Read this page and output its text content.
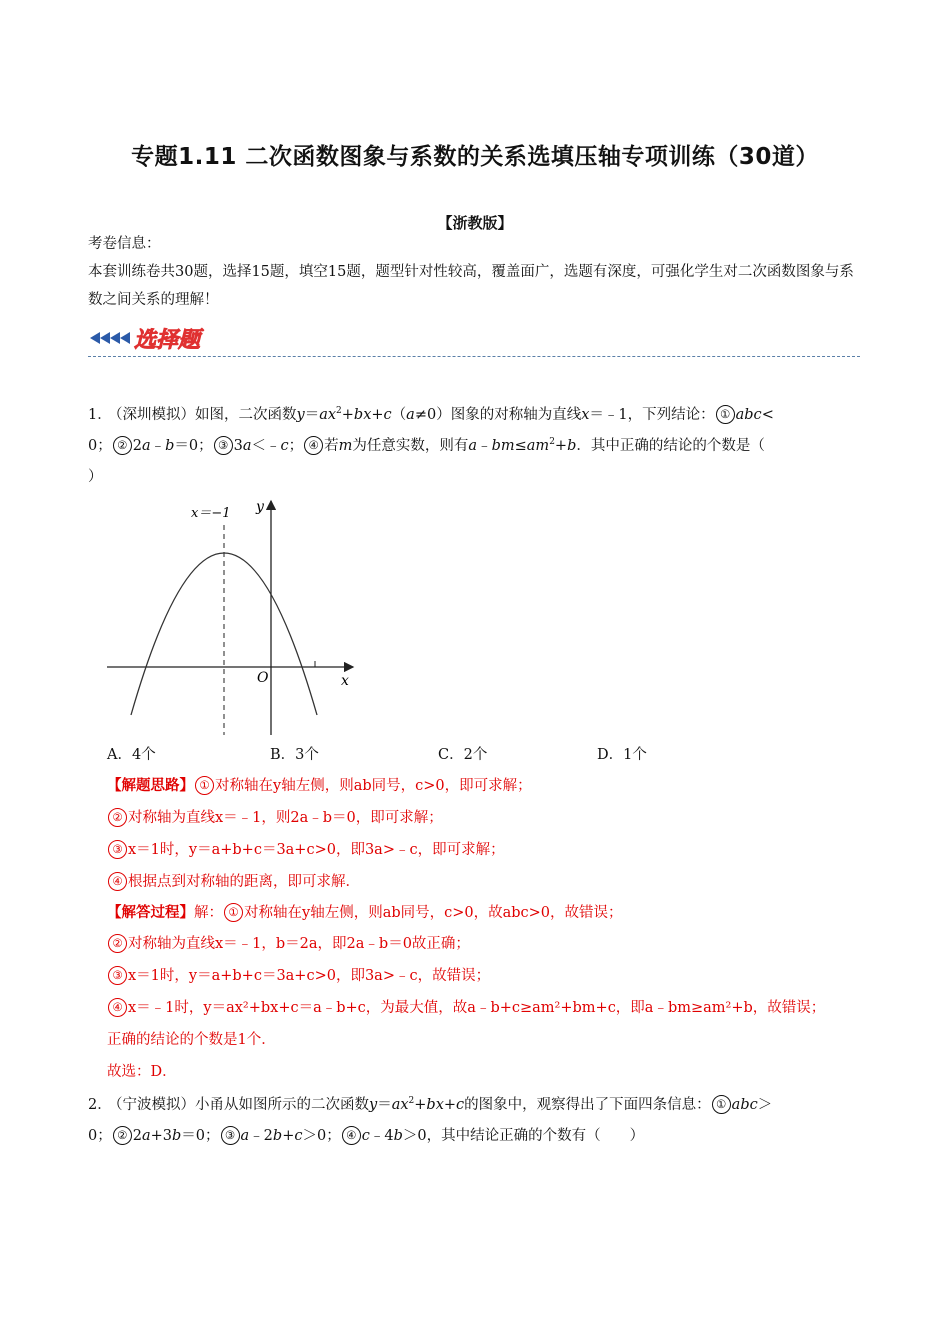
专题1.11 二次函数图象与系数的关系选填压轴专项训练（30道）
【浙教版】
考卷信息：
本套训练卷共30题，选择15题，填空15题，题型针对性较高，覆盖面广，选题有深度，可强化学生对二次函数图象与系数之间关系的理解！
选择题
1．（深圳模拟）如图，二次函数$y=ax^2+bx+c(a\ne 0)$图象的对称轴为直线x＝﹣1，下列结论： ① abc<
0； ② 2a﹣b＝0； ③ 3a＜﹣c； ④ 若m为任意实数，则有$a﹣bm\le am^2+b$．其中正确的结论的个数是（
）
x＝−1 y
x
O
A．4个	B．3个	C．2个	D．1个
【解题思路】 ① 对称轴在y轴左侧，则ab同号，c>0，即可求解；
② 对称轴为直线x＝﹣1，则2a﹣b＝0，即可求解；
③ x＝1时，y＝a+b+c＝3a+c>0，即3a>﹣c，即可求解；
④ 根据点到对称轴的距离，即可求解．
【解答过程】解： ① 对称轴在y轴左侧，则ab同号，c>0，故abc>0，故错误；
② 对称轴为直线x＝﹣1，b＝2a，即2a﹣b＝0故正确；
③ x＝1时，y＝a+b+c＝3a+c>0，即3a>﹣c，故错误；
④ x＝﹣1时，y＝ax²+bx+c＝a﹣b+c，为最大值，故a﹣b+c≥am²+bm+c，即a﹣bm≥am²+b，故错误；
正确的结论的个数是1个．
故选：D．
2．（宁波模拟）小甬从如图所示的二次函数$y=ax^2+bx+c$的图象中，观察得出了下面四条信息： ① abc＞
0； ② 2a+3b＝0； ③ a﹣2b+c＞0； ④ c﹣4b＞0，其中结论正确的个数有（　　）
